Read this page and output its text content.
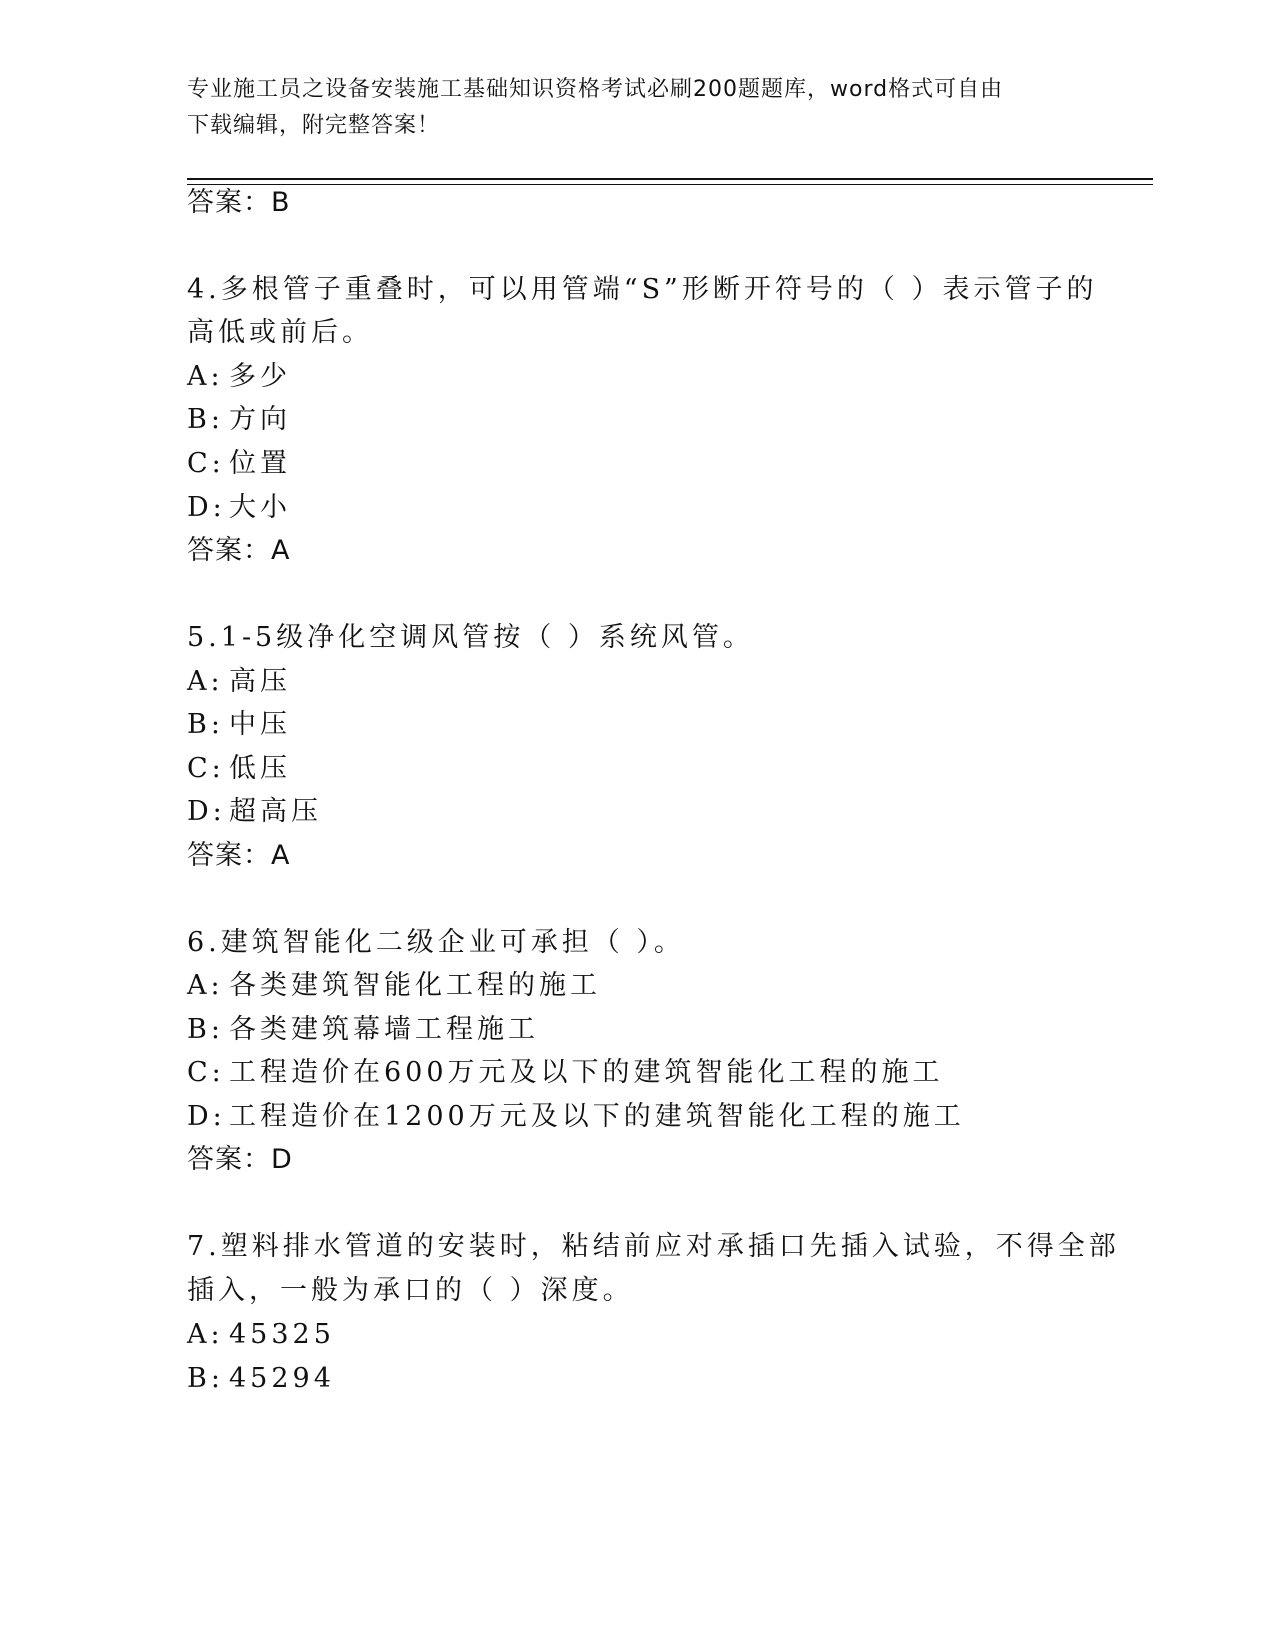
专业施工员之设备安装施工基础知识资格考试必刷200题题库，word格式可自由
下载编辑，附完整答案！
答案：B
4.多根管子重叠时，可以用管端“S”形断开符号的（ ）表示管子的
高低或前后。
A: 多少
B: 方向
C: 位置
D: 大小
答案：A
5.1-5级净化空调风管按（ ）系统风管。
A: 高压
B: 中压
C: 低压
D: 超高压
答案：A
6.建筑智能化二级企业可承担（ ）。
A: 各类建筑智能化工程的施工
B: 各类建筑幕墙工程施工
C: 工程造价在600万元及以下的建筑智能化工程的施工
D: 工程造价在1200万元及以下的建筑智能化工程的施工
答案：D
7.塑料排水管道的安装时，粘结前应对承插口先插入试验，不得全部
插入，一般为承口的（ ）深度。
A: 45325
B: 45294
